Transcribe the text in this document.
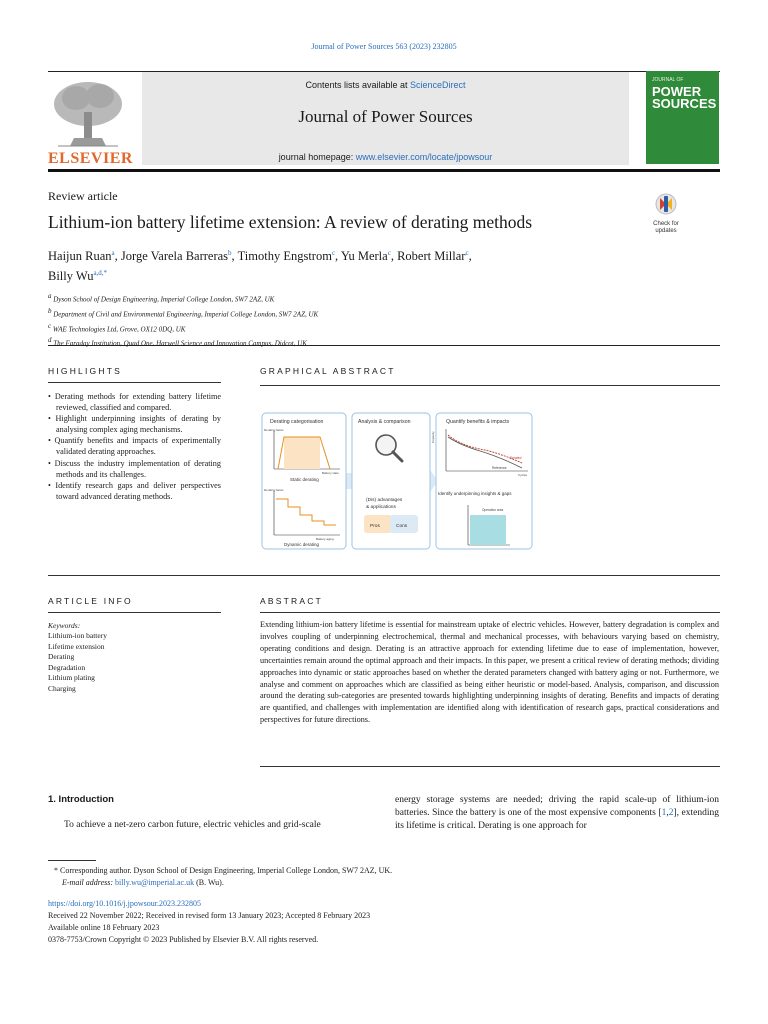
Journal of Power Sources 563 (2023) 232805
ELSEVIER
Contents lists available at ScienceDirect
Journal of Power Sources
journal homepage: www.elsevier.com/locate/jpowsour
JOURNAL OF
POWER
SOURCES
Review article
Lithium-ion battery lifetime extension: A review of derating methods	Check for
updates
Haijun Ruan$^a$, Jorge Varela Barreras$^b$, Timothy Engstrom$^c$, Yu Merla$^c$, Robert Millar$^c$,
Billy $Wu^{a,d,*}$
a Dyson School of Design Engineering, Imperial College London, SW7 2AZ, UK
b Department of Civil and Environmental Engineering, Imperial College London, SW7 2AZ, UK
c WAE Technologies Ltd, Grove, OX12 0DQ, UK
d The Faraday Institution, Quad One, Harwell Science and Innovation Campus, Didcot, UK
HIGHLIGHTS
• Derating methods for extending battery lifetime reviewed, classified and compared.
• Highlight underpinning insights of derating by analysing complex aging mechanisms.
• Quantify benefits and impacts of experimentally validated derating approaches.
• Discuss the industry implementation of derating methods and its challenges.
• Identify research gaps and deliver perspectives toward advanced derating methods.
GRAPHICAL ABSTRACT
Derating categorisation
Derating factor
Battery state
Static derating
Derating factor
Battery aging
Dynamic derating
Analysis & comparison
(Dis) advantages
& applications
Pros	Cons
Quantify benefits & impacts
Capacity
Derated
Reference
Cycles
Identify underpinning insights & gaps
Operation area
ARTICLE INFO
Keywords:
Lithium-ion battery
Lifetime extension
Derating
Degradation
Lithium plating
Charging
ABSTRACT
Extending lithium-ion battery lifetime is essential for mainstream uptake of electric vehicles. However, battery degradation is complex and involves coupling of underpinning electrochemical, thermal and mechanical processes, with behaviours varying based on chemistry, operating conditions and design. Derating is an attractive approach for extending lifetime due to ease of implementation, however, uncertainties remain around the optimal approach and their impacts. In this paper, we present a critical review of derating methods; dividing approaches into dynamic or static approaches based on whether the derated parameters changed with battery aging or not. Furthermore, we analyse and comment on approaches which are classified as being either heuristic or model-based. Analysis, comparison, and discussion around the derating sub-categories are presented towards highlighting underpinning insights of derating. Benefits and impacts of derating are quantified, and challenges with implementation are identified along with identification of research gaps, practical considerations and perspectives for future directions.
1. Introduction
To achieve a net-zero carbon future, electric vehicles and grid-scale
energy storage systems are needed; driving the rapid scale-up of lithium-ion batteries. Since the battery is one of the most expensive components [1,2], extending its lifetime is critical. Derating is one approach for
* Corresponding author. Dyson School of Design Engineering, Imperial College London, SW7 2AZ, UK.
E-mail address: billy.wu@imperial.ac.uk (B. Wu).
https://doi.org/10.1016/j.jpowsour.2023.232805
Received 22 November 2022; Received in revised form 13 January 2023; Accepted 8 February 2023
Available online 18 February 2023
0378-7753/Crown Copyright © 2023 Published by Elsevier B.V. All rights reserved.
